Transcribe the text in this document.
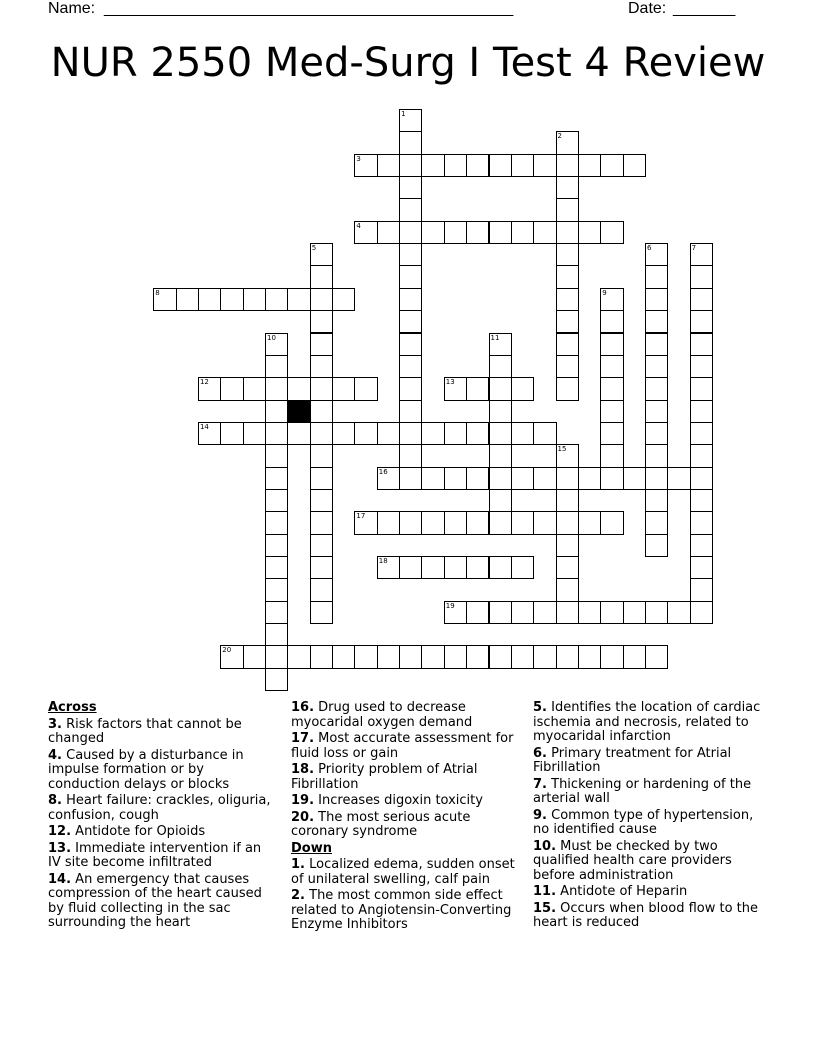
Name: ______________________________________________	Date: _______
NUR 2550 Med-Surg I Test 4 Review
1
2
3
4
5	6	7
8	9
10	11
12	13
14
15
16
17
18
19
20
Across
3. Risk factors that cannot be changed
4. Caused by a disturbance in impulse formation or by conduction delays or blocks
8. Heart failure: crackles, oliguria, confusion, cough
12. Antidote for Opioids
13. Immediate intervention if an IV site become infiltrated
14. An emergency that causes compression of the heart caused by fluid collecting in the sac surrounding the heart
16. Drug used to decrease myocaridal oxygen demand
17. Most accurate assessment for fluid loss or gain
18. Priority problem of Atrial Fibrillation
19. Increases digoxin toxicity
20. The most serious acute coronary syndrome
Down
1. Localized edema, sudden onset of unilateral swelling, calf pain
2. The most common side effect related to Angiotensin-Converting Enzyme Inhibitors
5. Identifies the location of cardiac ischemia and necrosis, related to myocaridal infarction
6. Primary treatment for Atrial Fibrillation
7. Thickening or hardening of the arterial wall
9. Common type of hypertension, no identified cause
10. Must be checked by two qualified health care providers before administration
11. Antidote of Heparin
15. Occurs when blood flow to the heart is reduced
